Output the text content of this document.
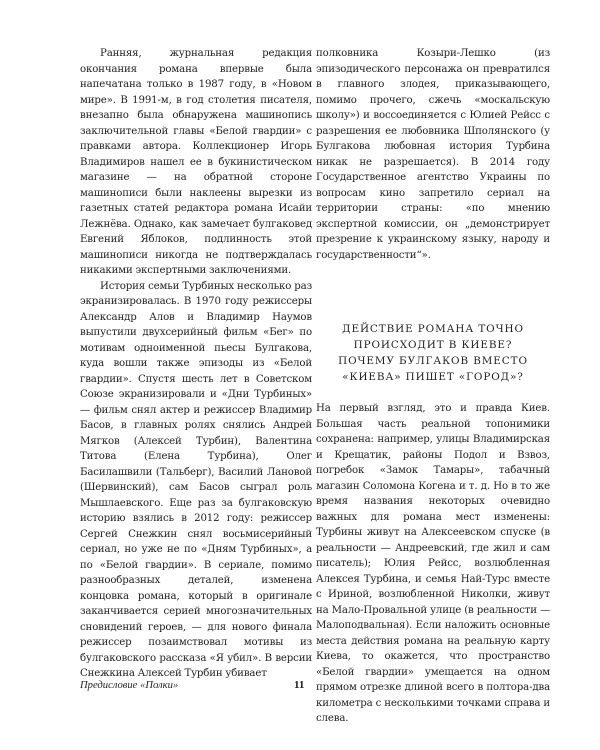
Ранняя, журнальная редакция окончания романа впервые была напечатана только в 1987 году, в «Новом мире». В 1991-м, в год столетия писателя, внезапно была обнаружена машинопись заключительной главы «Белой гвардии» с правками автора. Коллекционер Игорь Владимиров нашел ее в букинистическом магазине — на обратной стороне машинописи были наклеены вырезки из газетных статей редактора романа Исайи Лежнёва. Однако, как замечает булгаковед Евгений Яблоков, подлинность этой машинописи никогда не подтверждалась никакими экспертными заключениями.

История семьи Турбиных несколько раз экранизировалась. В 1970 году режиссеры Александр Алов и Владимир Наумов выпустили двухсерийный фильм «Бег» по мотивам одноименной пьесы Булгакова, куда вошли также эпизоды из «Белой гвардии». Спустя шесть лет в Советском Союзе экранизировали и «Дни Турбиных» — фильм снял актер и режиссер Владимир Басов, в главных ролях снялись Андрей Мягков (Алексей Турбин), Валентина Титова (Елена Турбина), Олег Басилашвили (Тальберг), Василий Лановой (Шервинский), сам Басов сыграл роль Мышлаевского. Еще раз за булгаковскую историю взялись в 2012 году: режиссер Сергей Снежкин снял восьмисерийный сериал, но уже не по «Дням Турбиных», а по «Белой гвардии». В сериале, помимо разнообразных деталей, изменена концовка романа, который в оригинале заканчивается серией многозначительных сновидений героев, — для нового финала режиссер позаимствовал мотивы из булгаковского рассказа «Я убил». В версии Снежкина Алексей Турбин убивает

полковника Козыри-Лешко (из эпизодического персонажа он превратился в главного злодея, приказывающего, помимо прочего, сжечь «москальскую школу») и воссоединяется с Юлией Рейсс с разрешения ее любовника Шполянского (у Булгакова любовная история Турбина никак не разрешается). В 2014 году Государственное агентство Украины по вопросам кино запретило сериал на территории страны: «по мнению экспертной комиссии, он „демонстрирует презрение к украинскому языку, народу и государственности“».

ДЕЙСТВИЕ РОМАНА ТОЧНО
ПРОИСХОДИТ В КИЕВЕ?
ПОЧЕМУ БУЛГАКОВ ВМЕСТО
«КИЕВА» ПИШЕТ «ГОРОД»?

На первый взгляд, это и правда Киев. Большая часть реальной топонимики сохранена: например, улицы Владимирская и Крещатик, районы Подол и Взвоз, погребок «Замок Тамары», табачный магазин Соломона Когена и т. д. Но в то же время названия некоторых очевидно важных для романа мест изменены: Турбины живут на Алексеевском спуске (в реальности — Андреевский, где жил и сам писатель); Юлия Рейсс, возлюбленная Алексея Турбина, и семья Най-Турс вместе с Ириной, возлюбленной Николки, живут на Мало-Провальной улице (в реальности — Малоподвальная). Если наложить основные места действия романа на реальную карту Киева, то окажется, что пространство «Белой гвардии» умещается на одном прямом отрезке длиной всего в полтора-два километра с несколькими точками справа и слева.

Предисловие «Полки»	11
